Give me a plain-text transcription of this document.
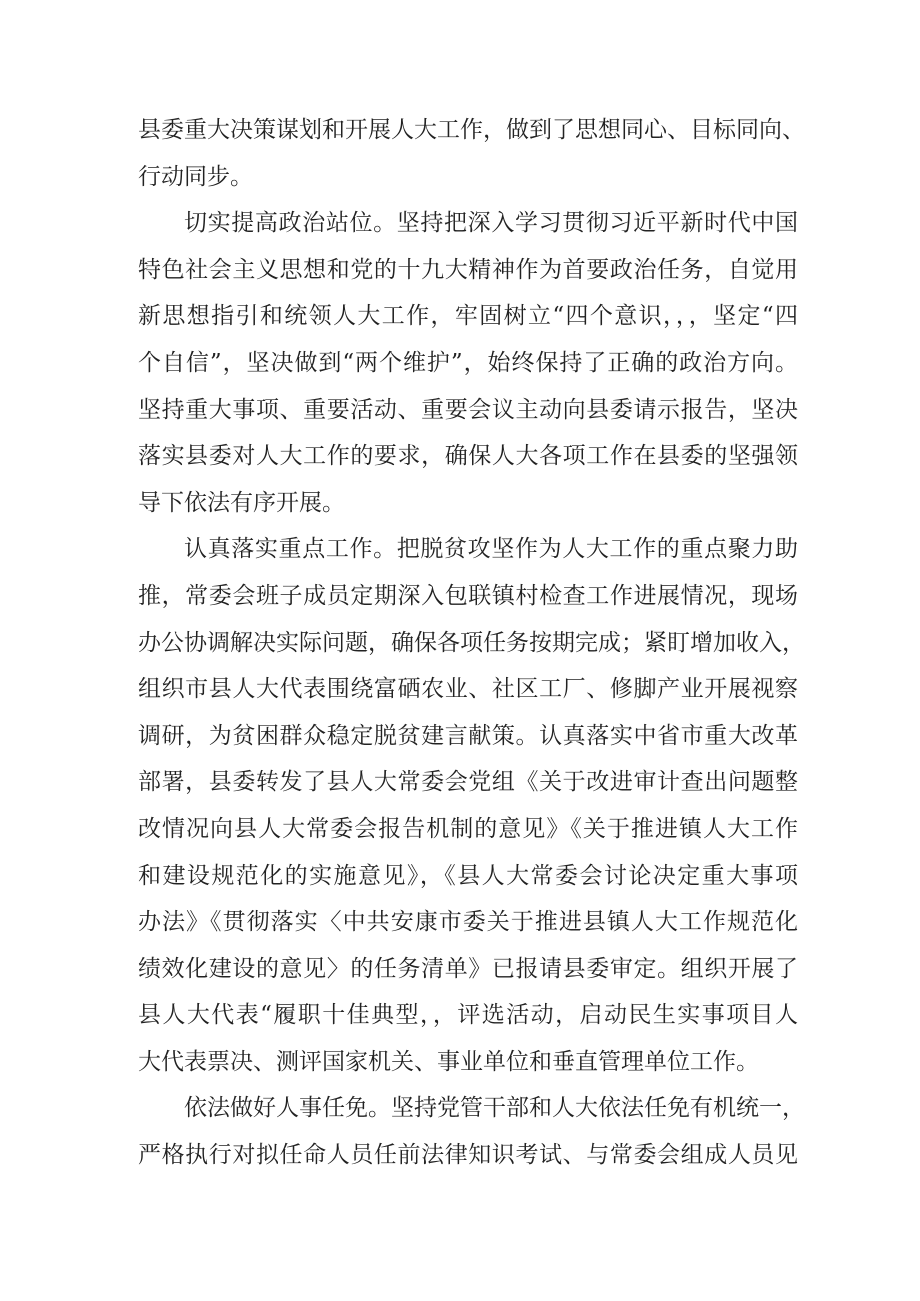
县委重大决策谋划和开展人大工作，做到了思想同心、目标同向、
行动同步。
切实提高政治站位。坚持把深入学习贯彻习近平新时代中国
特色社会主义思想和党的十九大精神作为首要政治任务，自觉用
新思想指引和统领人大工作，牢固树立“四个意识，，，坚定“四
个自信”，坚决做到“两个维护”，始终保持了正确的政治方向。
坚持重大事项、重要活动、重要会议主动向县委请示报告，坚决
落实县委对人大工作的要求，确保人大各项工作在县委的坚强领
导下依法有序开展。
认真落实重点工作。把脱贫攻坚作为人大工作的重点聚力助
推，常委会班子成员定期深入包联镇村检查工作进展情况，现场
办公协调解决实际问题，确保各项任务按期完成；紧盯增加收入，
组织市县人大代表围绕富硒农业、社区工厂、修脚产业开展视察
调研，为贫困群众稳定脱贫建言献策。认真落实中省市重大改革
部署，县委转发了县人大常委会党组《关于改进审计查出问题整
改情况向县人大常委会报告机制的意见》《关于推进镇人大工作
和建设规范化的实施意见》，《县人大常委会讨论决定重大事项
办法》《贯彻落实〈中共安康市委关于推进县镇人大工作规范化
绩效化建设的意见〉的任务清单》已报请县委审定。组织开展了
县人大代表“履职十佳典型，，评选活动，启动民生实事项目人
大代表票决、测评国家机关、事业单位和垂直管理单位工作。
依法做好人事任免。坚持党管干部和人大依法任免有机统一，
严格执行对拟任命人员任前法律知识考试、与常委会组成人员见
